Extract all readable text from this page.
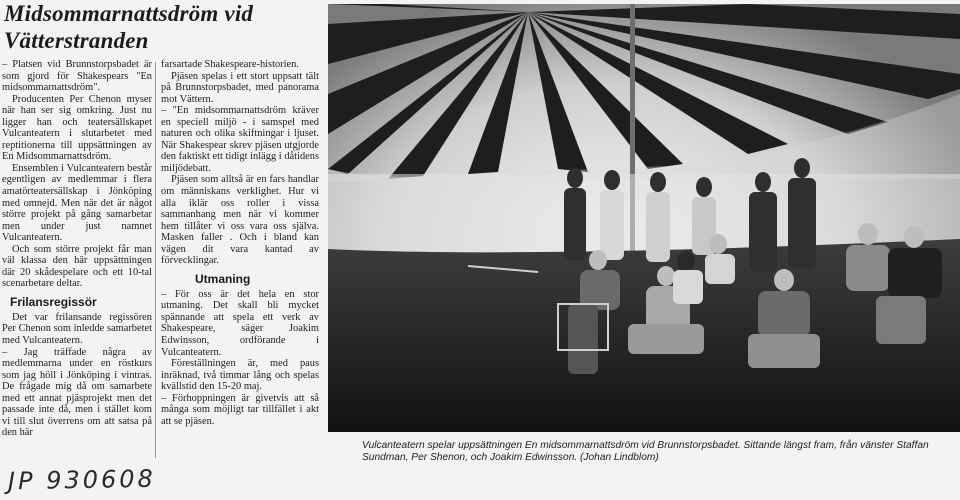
Midsommarnattsdröm vid Vätterstranden

– Platsen vid Brunnstorpsbadet är som gjord för Shakespears "En midsommarnattsdröm".

Producenten Per Chenon myser när han ser sig omkring. Just nu ligger han och teatersällskapet Vulcanteatern i slutarbetet med reptitionerna till uppsättningen av En Midsommarnattsdröm.

Ensemblen i Vulcanteatern består egentligen av medlemmar i flera amatörteatersällskap i Jönköping med omnejd. Men när det är något större projekt på gång samarbetar men under just namnet Vulcanteatern.

Och som större projekt får man väl klassa den här uppsättningen där 20 skådespelare och ett 10-tal scenarbetare deltar.

Frilansregissör

Det var frilansande regissören Per Chenon som inledde samarbetet med Vulcanteatern.

– Jag träffade några av medlemmarna under en röstkurs som jag höll i Jönköping i vintras. De frågade mig då om samarbete med ett annat pjäsprojekt men det passade inte då, men i stället kom vi till slut överrens om att satsa på den här

farsartade Shakespeare-historien.

Pjäsen spelas i ett stort uppsatt tält på Brunnstorpsbadet, med panorama mot Vättern.

– "En midsommarnattsdröm kräver en speciell miljö - i samspel med naturen och olika skiftningar i ljuset. När Shakespear skrev pjäsen utgjorde den faktiskt ett tidigt inlägg i dåtidens miljödebatt.

Pjäsen som alltså är en fars handlar om människans verklighet. Hur vi alla iklär oss roller i vissa sammanhang men när vi kommer hem tillåter vi oss vara oss själva. Masken faller . Och i bland kan vägen dit vara kantad av förvecklingar.

Utmaning

– För oss är det hela en stor utmaning. Det skall bli mycket spännande att spela ett verk av Shakespeare, säger Joakim Edwinsson, ordförande i Vulcanteatern.

Föreställningen är, med paus inräknad, två timmar lång och spelas kvällstid den 15-20 maj.

– Förhoppningen är givetvis att så många som möjligt tar tillfället i akt att se pjäsen.

JP 930608
Vulcanteatern spelar uppsättningen En midsommarnattsdröm vid Brunnstorpsbadet. Sittande längst fram, från vänster Staffan Sundman, Per Shenon, och Joakim Edwinsson. (Johan Lindblom)
